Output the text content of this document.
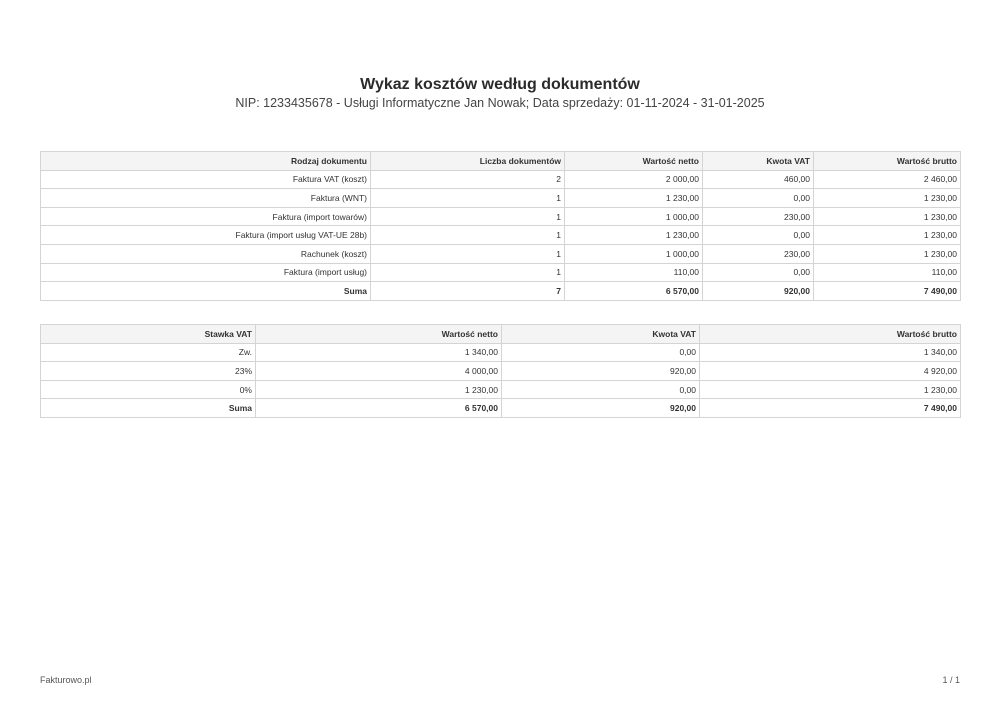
Wykaz kosztów według dokumentów
NIP: 1233435678 - Usługi Informatyczne Jan Nowak; Data sprzedaży: 01-11-2024 - 31-01-2025
Rodzaj dokumentu	Liczba dokumentów	Wartość netto	Kwota VAT	Wartość brutto
Faktura VAT (koszt)	2	2 000,00	460,00	2 460,00
Faktura (WNT)	1	1 230,00	0,00	1 230,00
Faktura (import towarów)	1	1 000,00	230,00	1 230,00
Faktura (import usług VAT-UE 28b)	1	1 230,00	0,00	1 230,00
Rachunek (koszt)	1	1 000,00	230,00	1 230,00
Faktura (import usług)	1	110,00	0,00	110,00
Suma	7	6 570,00	920,00	7 490,00
Stawka VAT	Wartość netto	Kwota VAT	Wartość brutto
Zw.	1 340,00	0,00	1 340,00
23%	4 000,00	920,00	4 920,00
0%	1 230,00	0,00	1 230,00
Suma	6 570,00	920,00	7 490,00
Fakturowo.pl	1 / 1
